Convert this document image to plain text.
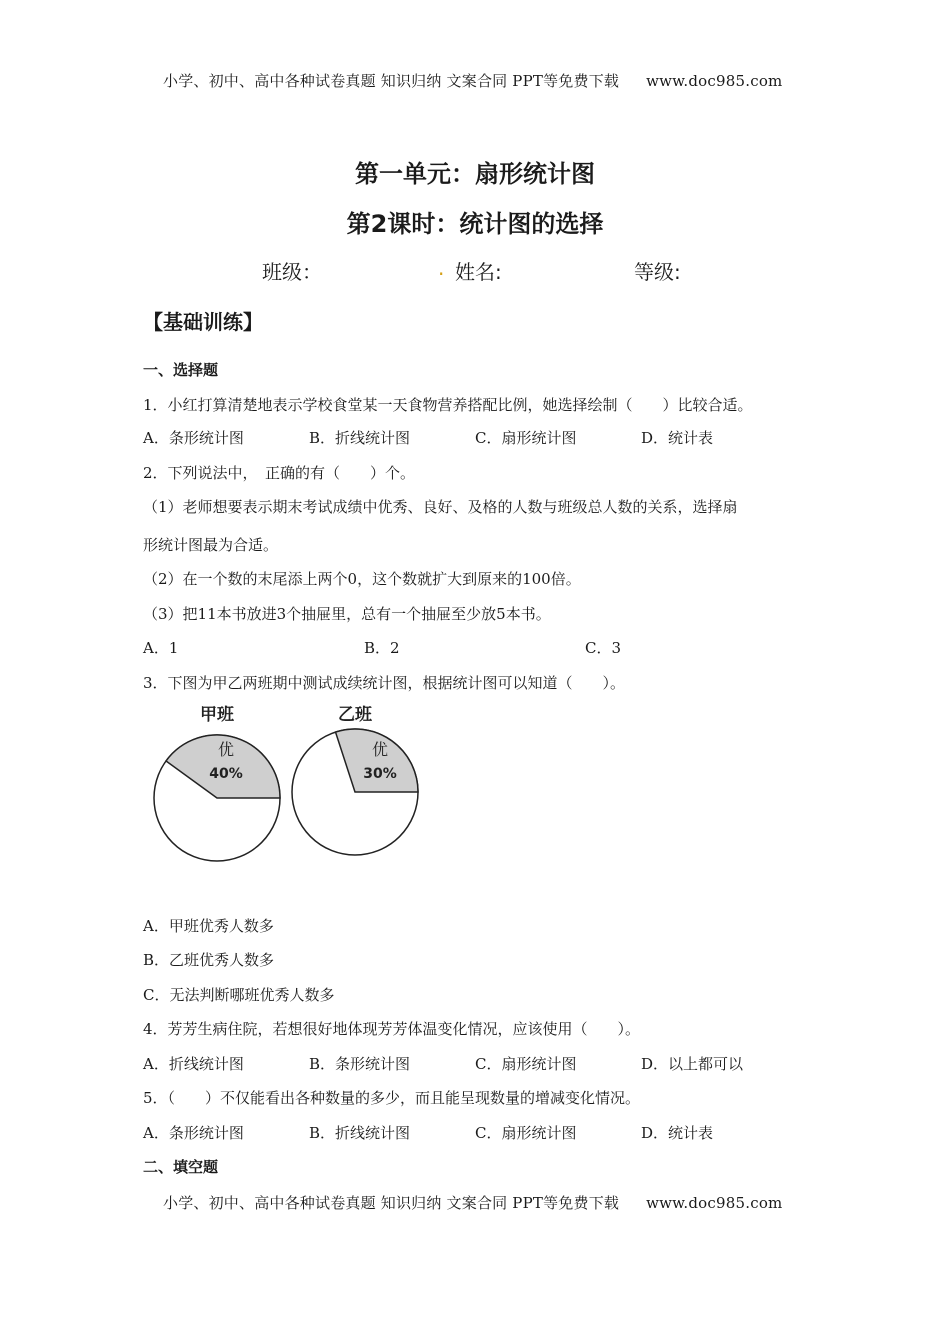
小学、初中、高中各种试卷真题 知识归纳 文案合同 PPT等免费下载 www.doc985.com
第一单元：扇形统计图
第2课时：统计图的选择
班级：	. 姓名:	等级:
【基础训练】
一、选择题
1．小红打算清楚地表示学校食堂某一天食物营养搭配比例，她选择绘制（　　）比较合适。
A．条形统计图	B．折线统计图	C．扇形统计图	D．统计表
2．下列说法中，　正确的有（　　）个。
（1）老师想要表示期末考试成绩中优秀、良好、及格的人数与班级总人数的关系，选择扇
形统计图最为合适。
（2）在一个数的末尾添上两个0，这个数就扩大到原来的100倍。
（3）把11本书放进3个抽屉里，总有一个抽屉至少放5本书。
A．1	B．2	C．3
3．下图为甲乙两班期中测试成续统计图，根据统计图可以知道（　　）。
甲班
优
40%
乙班
优
30%
A．甲班优秀人数多
B．乙班优秀人数多
C．无法判断哪班优秀人数多
4．芳芳生病住院，若想很好地体现芳芳体温变化情况，应该使用（　　）。
A．折线统计图	B．条形统计图	C．扇形统计图	D．以上都可以
5．（　　）不仅能看出各种数量的多少，而且能呈现数量的增减变化情况。
A．条形统计图	B．折线统计图	C．扇形统计图	D．统计表
二、填空题
小学、初中、高中各种试卷真题 知识归纳 文案合同 PPT等免费下载 www.doc985.com
